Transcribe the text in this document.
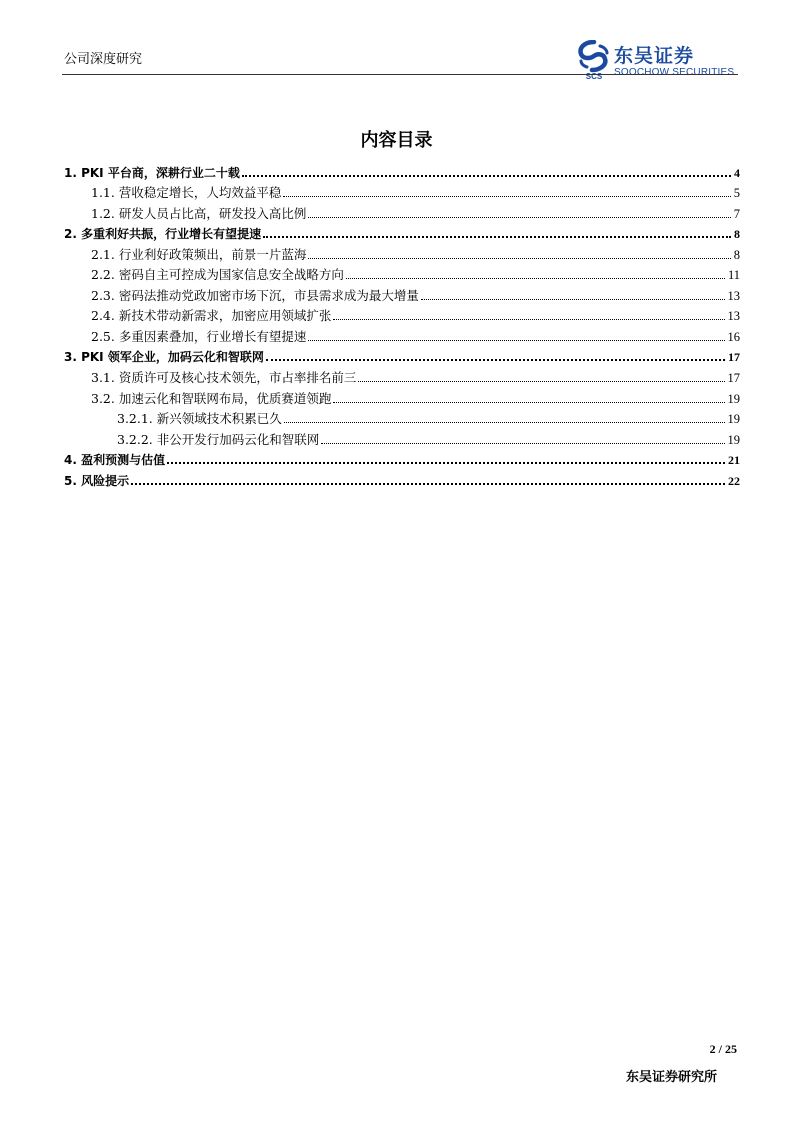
公司深度研究
SCS
东吴证券
SOOCHOW SECURITIES
内容目录
1. PKI 平台商，深耕行业二十载	4
1.1. 营收稳定增长，人均效益平稳	5
1.2. 研发人员占比高，研发投入高比例	7
2. 多重利好共振，行业增长有望提速	8
2.1. 行业利好政策频出，前景一片蓝海	8
2.2. 密码自主可控成为国家信息安全战略方向	11
2.3. 密码法推动党政加密市场下沉，市县需求成为最大增量	13
2.4. 新技术带动新需求，加密应用领域扩张	13
2.5. 多重因素叠加，行业增长有望提速	16
3. PKI 领军企业，加码云化和智联网	17
3.1. 资质许可及核心技术领先，市占率排名前三	17
3.2. 加速云化和智联网布局，优质赛道领跑	19
3.2.1. 新兴领域技术积累已久	19
3.2.2. 非公开发行加码云化和智联网	19
4. 盈利预测与估值	21
5. 风险提示	22
2 / 25
东吴证券研究所
